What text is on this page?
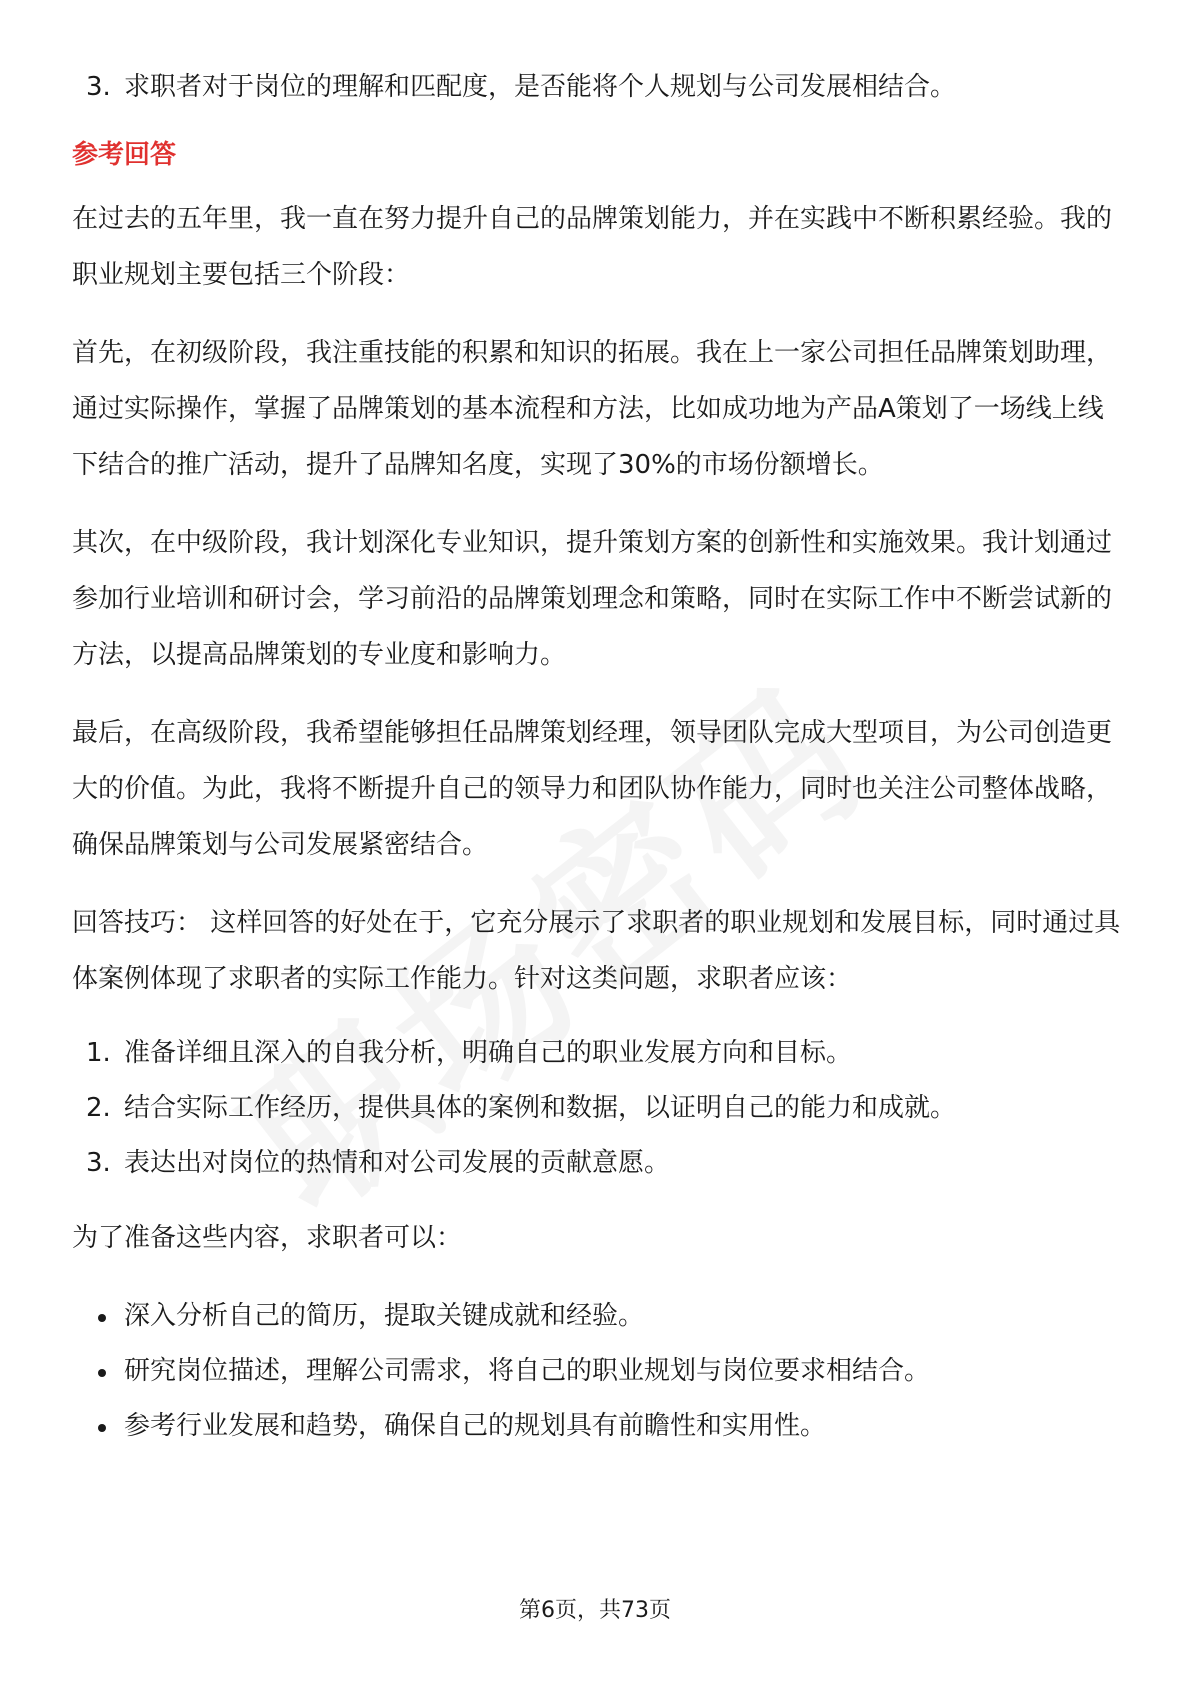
3. 求职者对于岗位的理解和匹配度，是否能将个人规划与公司发展相结合。
参考回答

在过去的五年里，我一直在努力提升自己的品牌策划能力，并在实践中不断积累经验。我的职业规划主要包括三个阶段：

首先，在初级阶段，我注重技能的积累和知识的拓展。我在上一家公司担任品牌策划助理，通过实际操作，掌握了品牌策划的基本流程和方法，比如成功地为产品A策划了一场线上线下结合的推广活动，提升了品牌知名度，实现了30%的市场份额增长。

其次，在中级阶段，我计划深化专业知识，提升策划方案的创新性和实施效果。我计划通过参加行业培训和研讨会，学习前沿的品牌策划理念和策略，同时在实际工作中不断尝试新的方法，以提高品牌策划的专业度和影响力。

最后，在高级阶段，我希望能够担任品牌策划经理，领导团队完成大型项目，为公司创造更大的价值。为此，我将不断提升自己的领导力和团队协作能力，同时也关注公司整体战略，确保品牌策划与公司发展紧密结合。

回答技巧： 这样回答的好处在于，它充分展示了求职者的职业规划和发展目标，同时通过具体案例体现了求职者的实际工作能力。针对这类问题，求职者应该：

1. 准备详细且深入的自我分析，明确自己的职业发展方向和目标。
2. 结合实际工作经历，提供具体的案例和数据，以证明自己的能力和成就。
3. 表达出对岗位的热情和对公司发展的贡献意愿。

为了准备这些内容，求职者可以：

深入分析自己的简历，提取关键成就和经验。
研究岗位描述，理解公司需求，将自己的职业规划与岗位要求相结合。
参考行业发展和趋势，确保自己的规划具有前瞻性和实用性。
第6页，共73页
